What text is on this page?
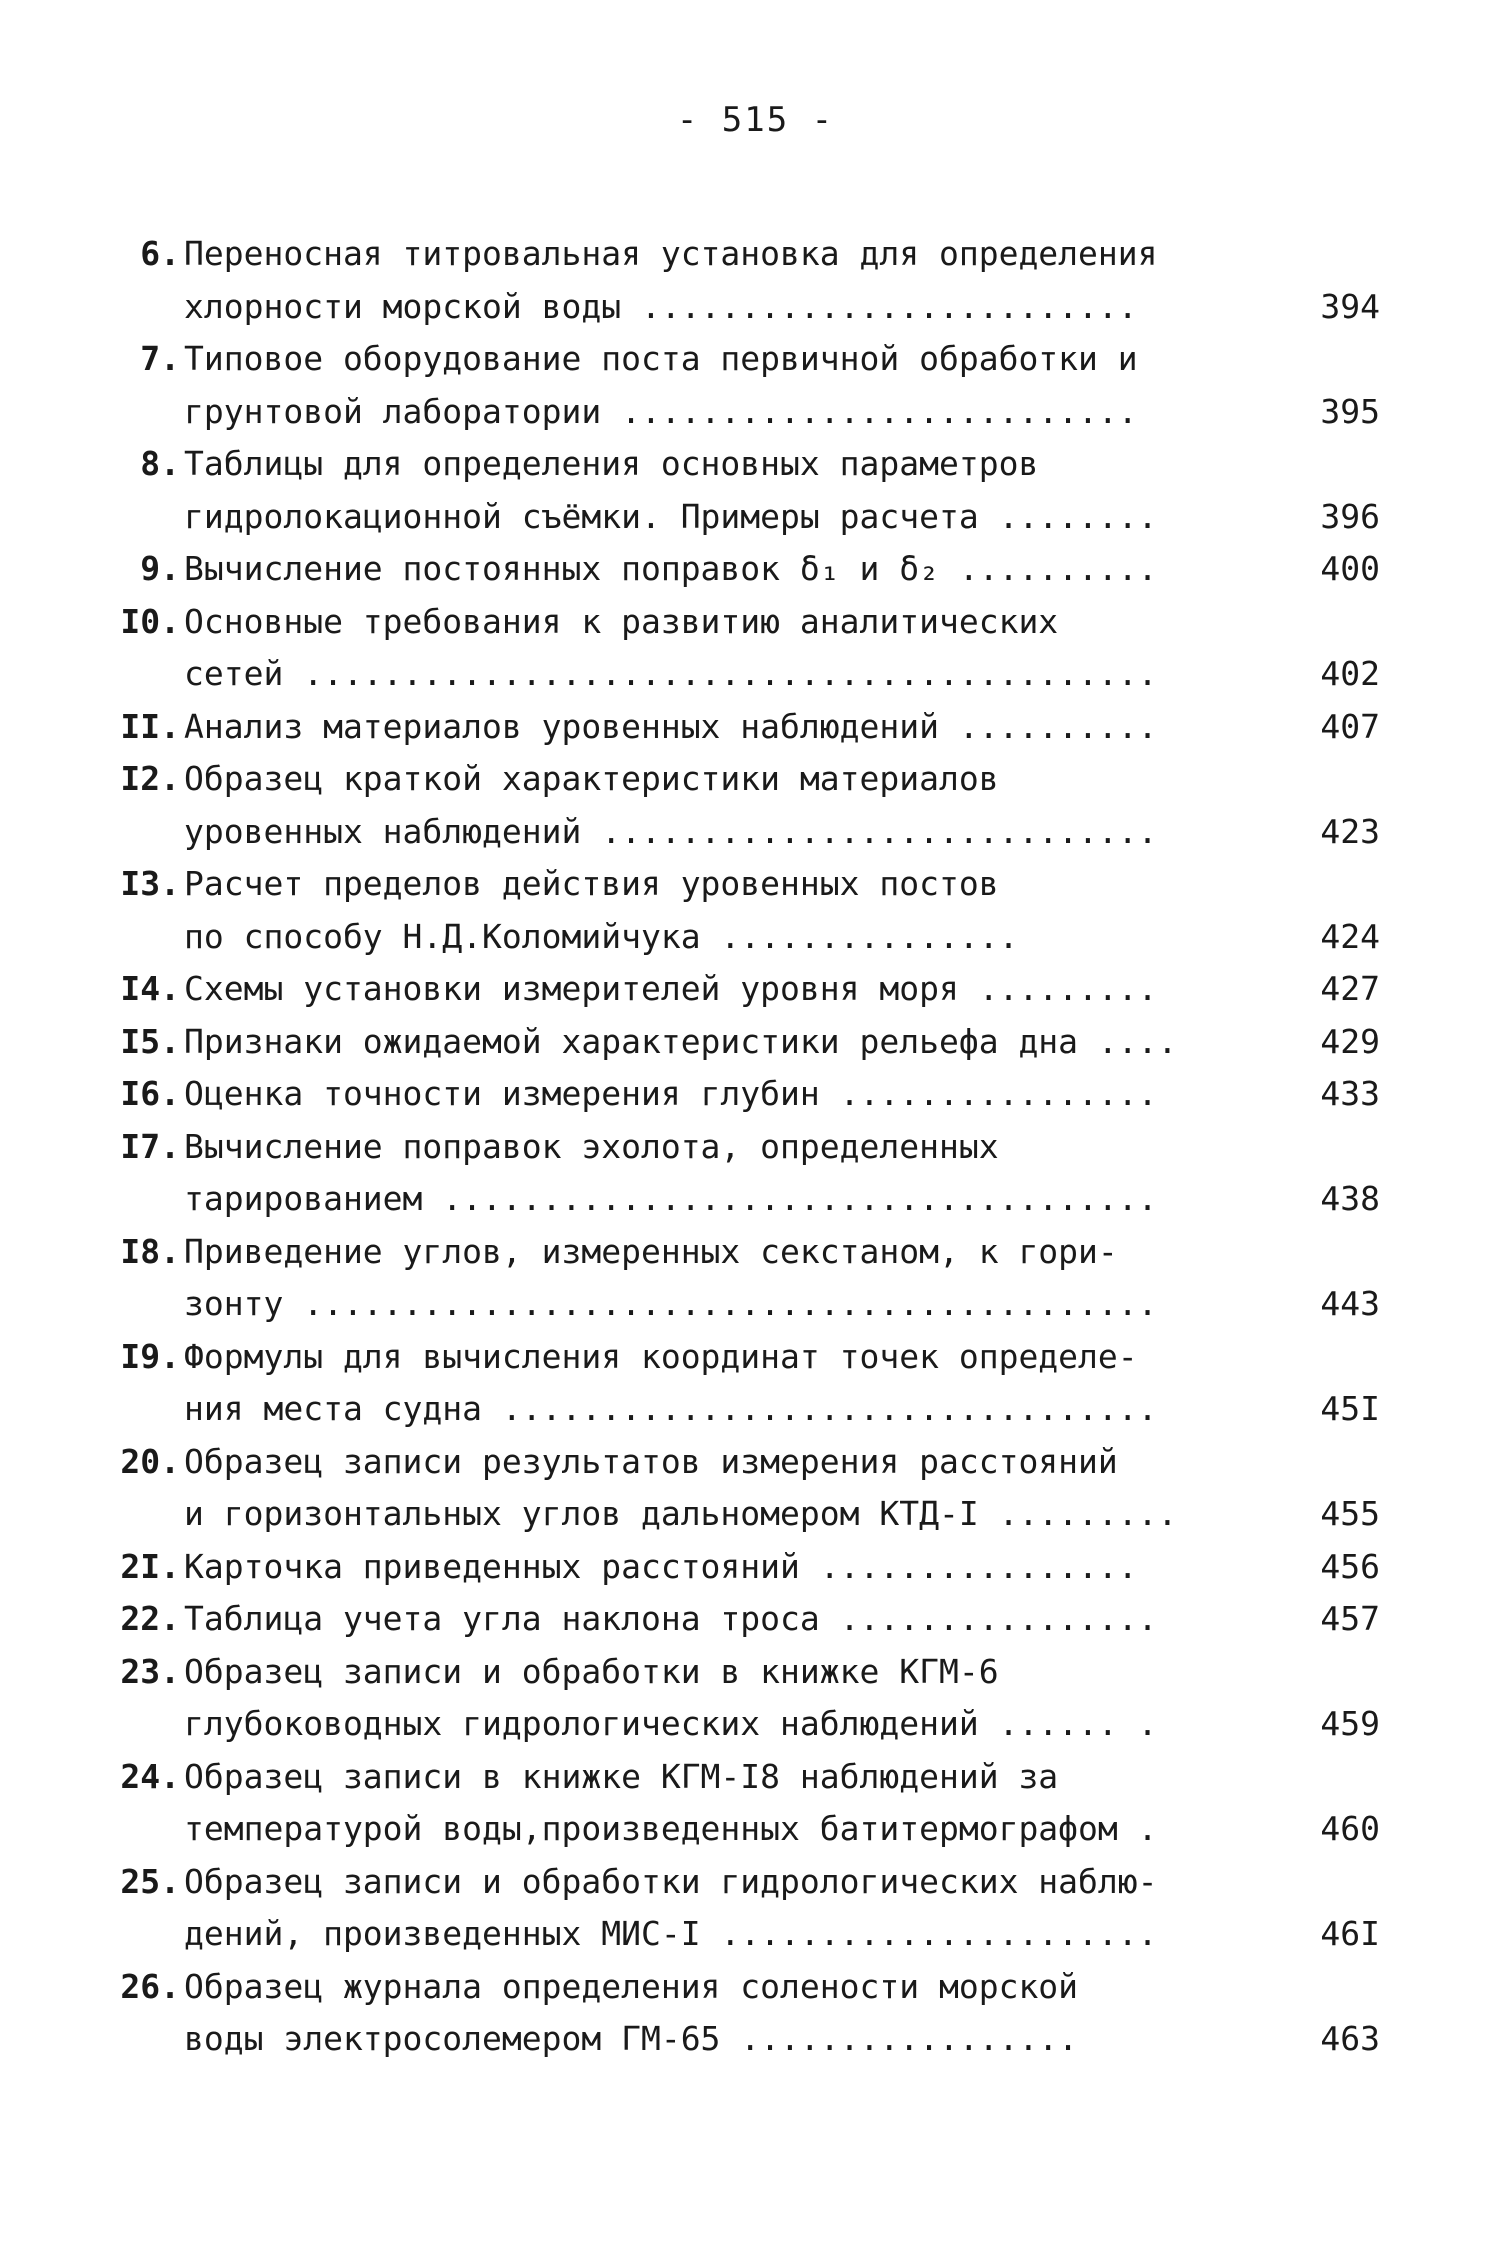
- 515 -
6. Переносная титровальная установка для определения
хлорности морской воды .........................	394
7. Типовое оборудование поста первичной обработки и
грунтовой лаборатории ..........................	395
8. Таблицы для определения основных параметров
гидролокационной съёмки. Примеры расчета ........	396
9. Вычисление постоянных поправок δ₁ и δ₂ ..........	400
I0. Основные требования к развитию аналитических
сетей ...........................................	402
II. Анализ материалов уровенных наблюдений ..........	407
I2. Образец краткой характеристики материалов
уровенных наблюдений ............................	423
I3. Расчет пределов действия уровенных постов
по способу Н.Д.Коломийчука ...............	424
I4. Схемы установки измерителей уровня моря .........	427
I5. Признаки ожидаемой характеристики рельефа дна ....	429
I6. Оценка точности измерения глубин ................	433
I7. Вычисление поправок эхолота, определенных
тарированием ....................................	438
I8. Приведение углов, измеренных секстаном, к гори-
зонту ...........................................	443
I9. Формулы для вычисления координат точек определе-
ния места судна .................................	45I
20. Образец записи результатов измерения расстояний
и горизонтальных углов дальномером КТД-I .........	455
2I. Карточка приведенных расстояний ................	456
22. Таблица учета угла наклона троса ................	457
23. Образец записи и обработки в книжке КГМ-6
глубоководных гидрологических наблюдений ...... .	459
24. Образец записи в книжке КГМ-I8 наблюдений за
температурой воды,произведенных батитермографом .	460
25. Образец записи и обработки гидрологических наблю-
дений, произведенных МИС-I ......................	46I
26. Образец журнала определения солености морской
воды электросолемером ГМ-65 .................	463
